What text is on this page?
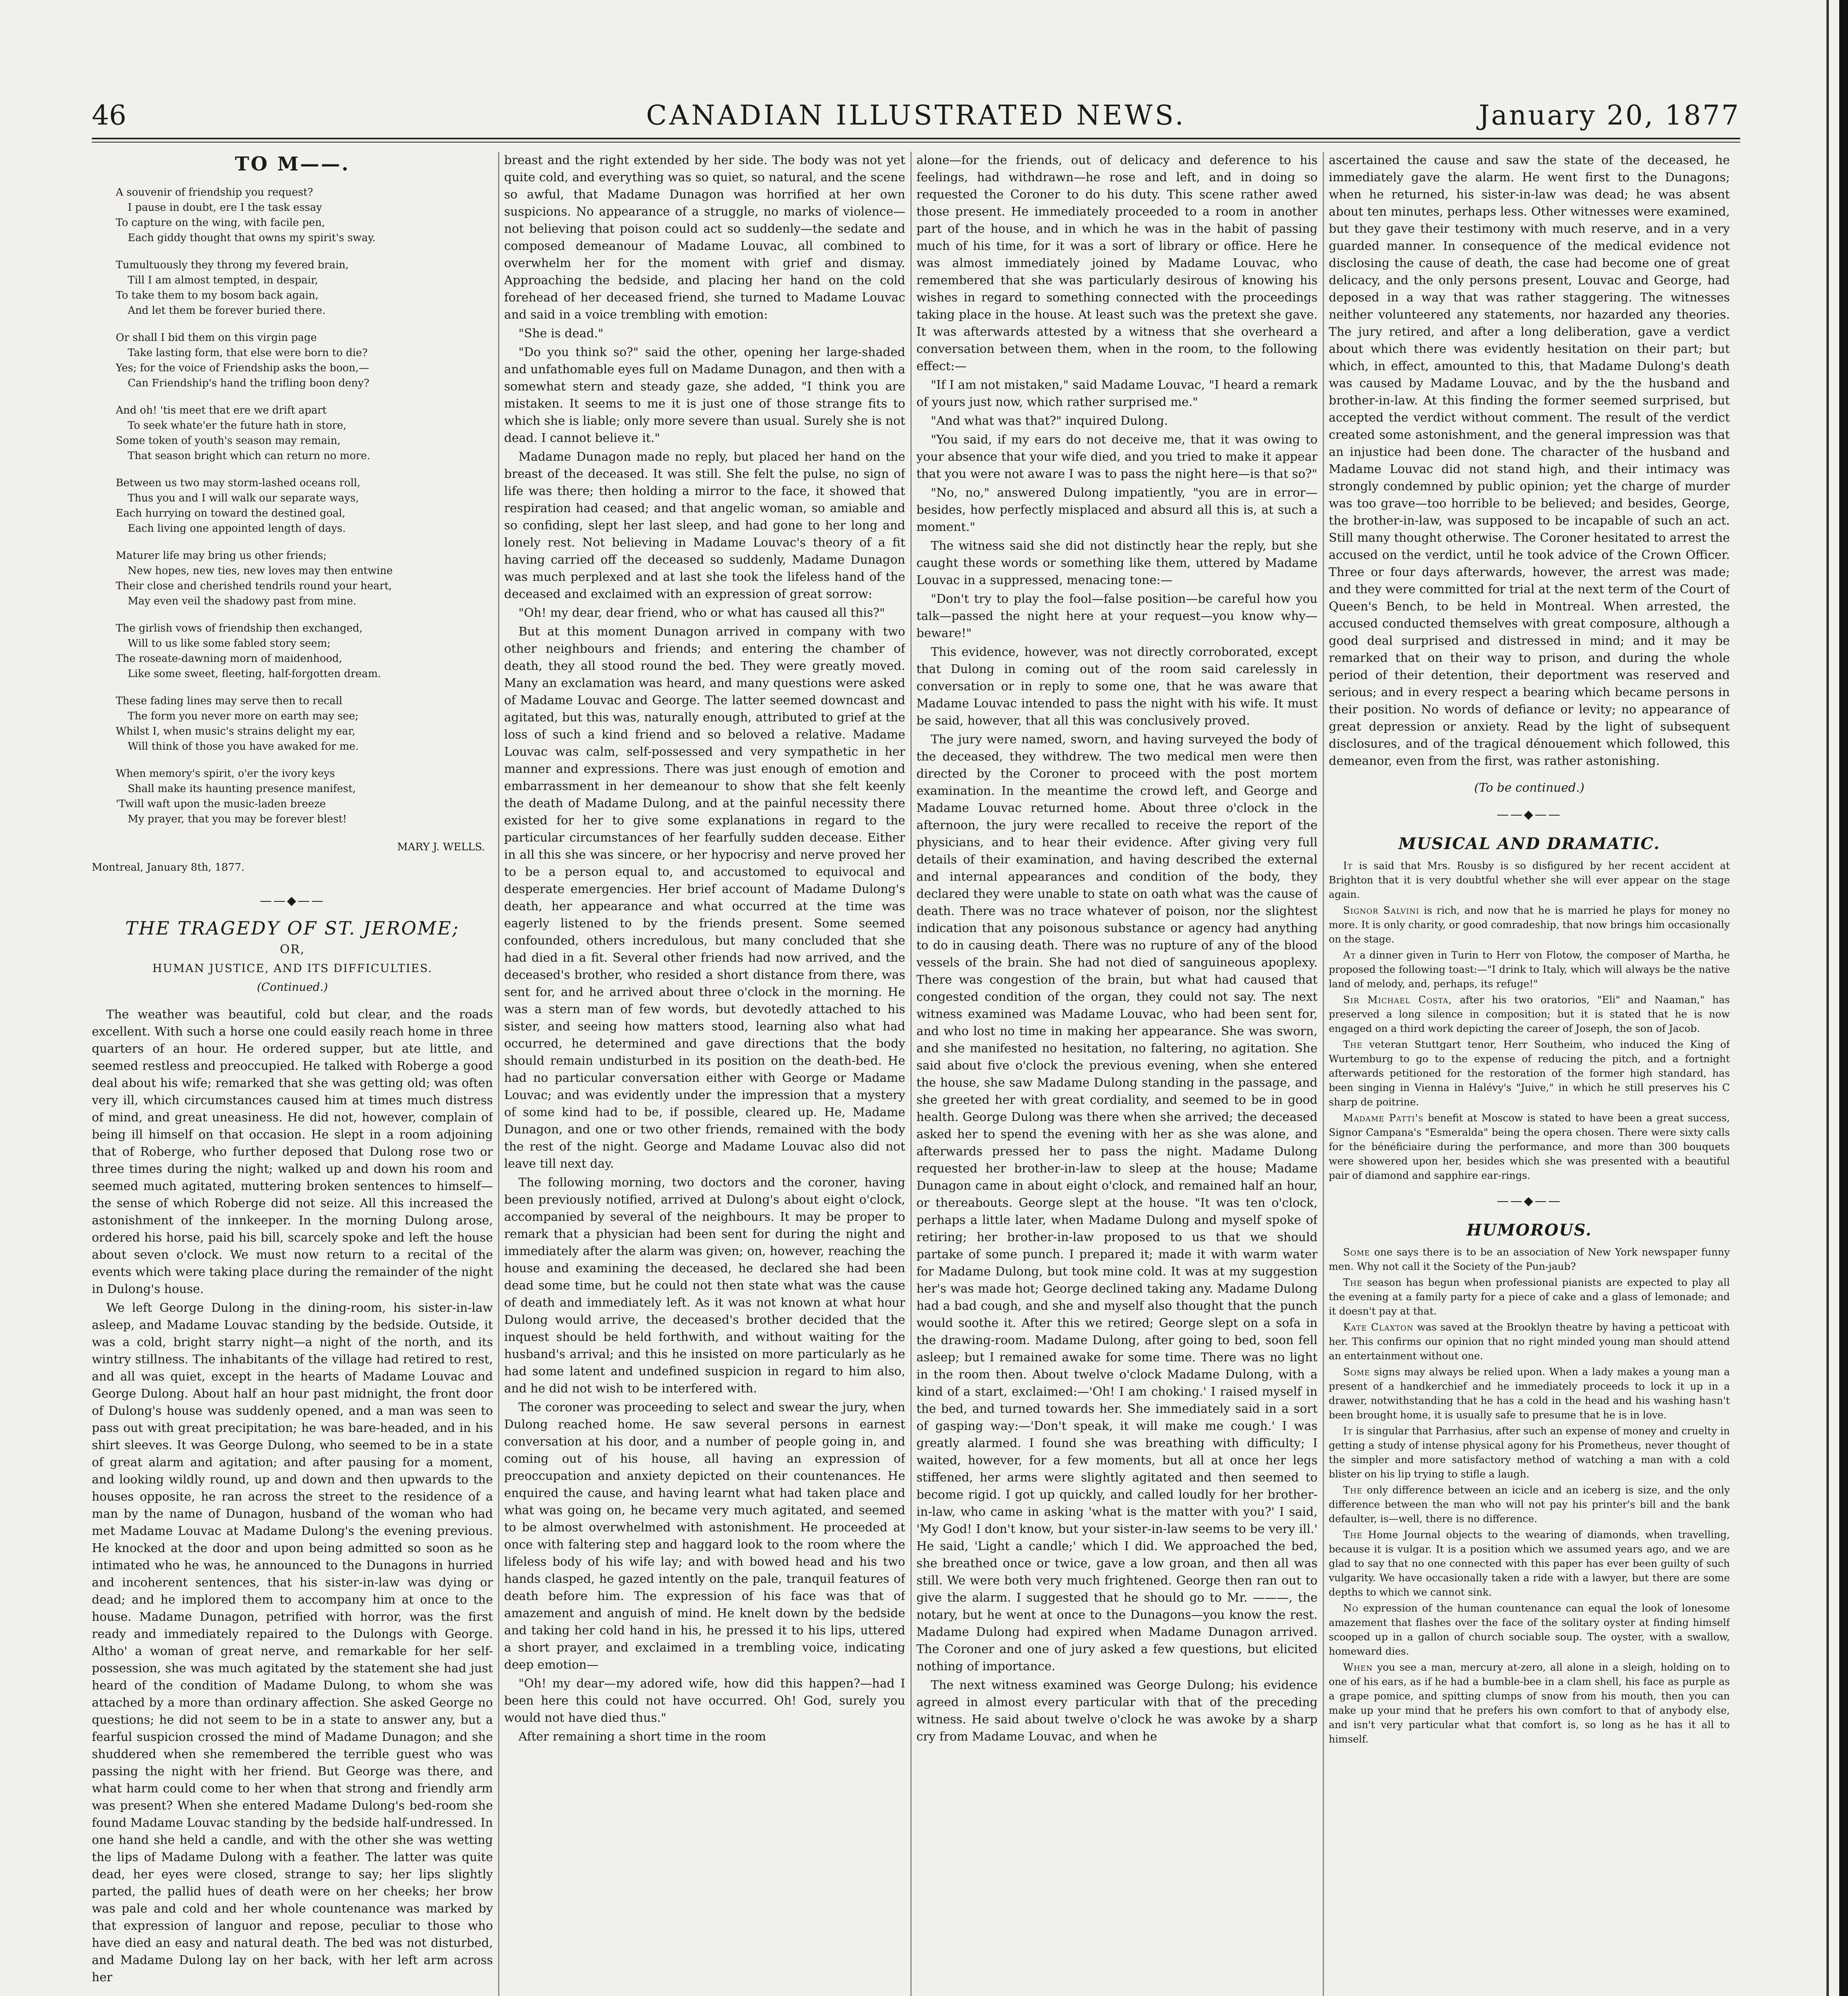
46	CANADIAN ILLUSTRATED NEWS.	January 20, 1877
TO M——.
A souvenir of friendship you request?
I pause in doubt, ere I the task essay
To capture on the wing, with facile pen,
Each giddy thought that owns my spirit's sway.
Tumultuously they throng my fevered brain,
Till I am almost tempted, in despair,
To take them to my bosom back again,
And let them be forever buried there.
Or shall I bid them on this virgin page
Take lasting form, that else were born to die?
Yes; for the voice of Friendship asks the boon,—
Can Friendship's hand the trifling boon deny?
And oh! 'tis meet that ere we drift apart
To seek whate'er the future hath in store,
Some token of youth's season may remain,
That season bright which can return no more.
Between us two may storm-lashed oceans roll,
Thus you and I will walk our separate ways,
Each hurrying on toward the destined goal,
Each living one appointed length of days.
Maturer life may bring us other friends;
New hopes, new ties, new loves may then entwine
Their close and cherished tendrils round your heart,
May even veil the shadowy past from mine.
The girlish vows of friendship then exchanged,
Will to us like some fabled story seem;
The roseate-dawning morn of maidenhood,
Like some sweet, fleeting, half-forgotten dream.
These fading lines may serve then to recall
The form you never more on earth may see;
Whilst I, when music's strains delight my ear,
Will think of those you have awaked for me.
When memory's spirit, o'er the ivory keys
Shall make its haunting presence manifest,
'Twill waft upon the music-laden breeze
My prayer, that you may be forever blest!
MARY J. WELLS.
Montreal, January 8th, 1877.
——◆——
THE TRAGEDY OF ST. JEROME;
OR,
HUMAN JUSTICE, AND ITS DIFFICULTIES.
(Continued.)

The weather was beautiful, cold but clear, and the roads excellent. With such a horse one could easily reach home in three quarters of an hour. He ordered supper, but ate little, and seemed restless and preoccupied. He talked with Roberge a good deal about his wife; remarked that she was getting old; was often very ill, which circumstances caused him at times much distress of mind, and great uneasiness. He did not, however, complain of being ill himself on that occasion. He slept in a room adjoining that of Roberge, who further deposed that Dulong rose two or three times during the night; walked up and down his room and seemed much agitated, muttering broken sentences to himself—the sense of which Roberge did not seize. All this increased the astonishment of the innkeeper. In the morning Dulong arose, ordered his horse, paid his bill, scarcely spoke and left the house about seven o'clock. We must now return to a recital of the events which were taking place during the remainder of the night in Dulong's house.

We left George Dulong in the dining-room, his sister-in-law asleep, and Madame Louvac standing by the bedside. Outside, it was a cold, bright starry night—a night of the north, and its wintry stillness. The inhabitants of the village had retired to rest, and all was quiet, except in the hearts of Madame Louvac and George Dulong. About half an hour past midnight, the front door of Dulong's house was suddenly opened, and a man was seen to pass out with great precipitation; he was bare-headed, and in his shirt sleeves. It was George Dulong, who seemed to be in a state of great alarm and agitation; and after pausing for a moment, and looking wildly round, up and down and then upwards to the houses opposite, he ran across the street to the residence of a man by the name of Dunagon, husband of the woman who had met Madame Louvac at Madame Dulong's the evening previous. He knocked at the door and upon being admitted so soon as he intimated who he was, he announced to the Dunagons in hurried and incoherent sentences, that his sister-in-law was dying or dead; and he implored them to accompany him at once to the house. Madame Dunagon, petrified with horror, was the first ready and immediately repaired to the Dulongs with George. Altho' a woman of great nerve, and remarkable for her self-possession, she was much agitated by the statement she had just heard of the condition of Madame Dulong, to whom she was attached by a more than ordinary affection. She asked George no questions; he did not seem to be in a state to answer any, but a fearful suspicion crossed the mind of Madame Dunagon; and she shuddered when she remembered the terrible guest who was passing the night with her friend. But George was there, and what harm could come to her when that strong and friendly arm was present? When she entered Madame Dulong's bed-room she found Madame Louvac standing by the bedside half-undressed. In one hand she held a candle, and with the other she was wetting the lips of Madame Dulong with a feather. The latter was quite dead, her eyes were closed, strange to say; her lips slightly parted, the pallid hues of death were on her cheeks; her brow was pale and cold and her whole countenance was marked by that expression of languor and repose, peculiar to those who have died an easy and natural death. The bed was not disturbed, and Madame Dulong lay on her back, with her left arm across her

breast and the right extended by her side. The body was not yet quite cold, and everything was so quiet, so natural, and the scene so awful, that Madame Dunagon was horrified at her own suspicions. No appearance of a struggle, no marks of violence—not believing that poison could act so suddenly—the sedate and composed demeanour of Madame Louvac, all combined to overwhelm her for the moment with grief and dismay. Approaching the bedside, and placing her hand on the cold forehead of her deceased friend, she turned to Madame Louvac and said in a voice trembling with emotion:

"She is dead."

"Do you think so?" said the other, opening her large-shaded and unfathomable eyes full on Madame Dunagon, and then with a somewhat stern and steady gaze, she added, "I think you are mistaken. It seems to me it is just one of those strange fits to which she is liable; only more severe than usual. Surely she is not dead. I cannot believe it."

Madame Dunagon made no reply, but placed her hand on the breast of the deceased. It was still. She felt the pulse, no sign of life was there; then holding a mirror to the face, it showed that respiration had ceased; and that angelic woman, so amiable and so confiding, slept her last sleep, and had gone to her long and lonely rest. Not believing in Madame Louvac's theory of a fit having carried off the deceased so suddenly, Madame Dunagon was much perplexed and at last she took the lifeless hand of the deceased and exclaimed with an expression of great sorrow:

"Oh! my dear, dear friend, who or what has caused all this?"

But at this moment Dunagon arrived in company with two other neighbours and friends; and entering the chamber of death, they all stood round the bed. They were greatly moved. Many an exclamation was heard, and many questions were asked of Madame Louvac and George. The latter seemed downcast and agitated, but this was, naturally enough, attributed to grief at the loss of such a kind friend and so beloved a relative. Madame Louvac was calm, self-possessed and very sympathetic in her manner and expressions. There was just enough of emotion and embarrassment in her demeanour to show that she felt keenly the death of Madame Dulong, and at the painful necessity there existed for her to give some explanations in regard to the particular circumstances of her fearfully sudden decease. Either in all this she was sincere, or her hypocrisy and nerve proved her to be a person equal to, and accustomed to equivocal and desperate emergencies. Her brief account of Madame Dulong's death, her appearance and what occurred at the time was eagerly listened to by the friends present. Some seemed confounded, others incredulous, but many concluded that she had died in a fit. Several other friends had now arrived, and the deceased's brother, who resided a short distance from there, was sent for, and he arrived about three o'clock in the morning. He was a stern man of few words, but devotedly attached to his sister, and seeing how matters stood, learning also what had occurred, he determined and gave directions that the body should remain undisturbed in its position on the death-bed. He had no particular conversation either with George or Madame Louvac; and was evidently under the impression that a mystery of some kind had to be, if possible, cleared up. He, Madame Dunagon, and one or two other friends, remained with the body the rest of the night. George and Madame Louvac also did not leave till next day.

The following morning, two doctors and the coroner, having been previously notified, arrived at Dulong's about eight o'clock, accompanied by several of the neighbours. It may be proper to remark that a physician had been sent for during the night and immediately after the alarm was given; on, however, reaching the house and examining the deceased, he declared she had been dead some time, but he could not then state what was the cause of death and immediately left. As it was not known at what hour Dulong would arrive, the deceased's brother decided that the inquest should be held forthwith, and without waiting for the husband's arrival; and this he insisted on more particularly as he had some latent and undefined suspicion in regard to him also, and he did not wish to be interfered with.

The coroner was proceeding to select and swear the jury, when Dulong reached home. He saw several persons in earnest conversation at his door, and a number of people going in, and coming out of his house, all having an expression of preoccupation and anxiety depicted on their countenances. He enquired the cause, and having learnt what had taken place and what was going on, he became very much agitated, and seemed to be almost overwhelmed with astonishment. He proceeded at once with faltering step and haggard look to the room where the lifeless body of his wife lay; and with bowed head and his two hands clasped, he gazed intently on the pale, tranquil features of death before him. The expression of his face was that of amazement and anguish of mind. He knelt down by the bedside and taking her cold hand in his, he pressed it to his lips, uttered a short prayer, and exclaimed in a trembling voice, indicating deep emotion—

"Oh! my dear—my adored wife, how did this happen?—had I been here this could not have occurred. Oh! God, surely you would not have died thus."

After remaining a short time in the room

alone—for the friends, out of delicacy and deference to his feelings, had withdrawn—he rose and left, and in doing so requested the Coroner to do his duty. This scene rather awed those present. He immediately proceeded to a room in another part of the house, and in which he was in the habit of passing much of his time, for it was a sort of library or office. Here he was almost immediately joined by Madame Louvac, who remembered that she was particularly desirous of knowing his wishes in regard to something connected with the proceedings taking place in the house. At least such was the pretext she gave. It was afterwards attested by a witness that she overheard a conversation between them, when in the room, to the following effect:—

"If I am not mistaken," said Madame Louvac, "I heard a remark of yours just now, which rather surprised me."

"And what was that?" inquired Dulong.

"You said, if my ears do not deceive me, that it was owing to your absence that your wife died, and you tried to make it appear that you were not aware I was to pass the night here—is that so?"

"No, no," answered Dulong impatiently, "you are in error—besides, how perfectly misplaced and absurd all this is, at such a moment."

The witness said she did not distinctly hear the reply, but she caught these words or something like them, uttered by Madame Louvac in a suppressed, menacing tone:—

"Don't try to play the fool—false position—be careful how you talk—passed the night here at your request—you know why—beware!"

This evidence, however, was not directly corroborated, except that Dulong in coming out of the room said carelessly in conversation or in reply to some one, that he was aware that Madame Louvac intended to pass the night with his wife. It must be said, however, that all this was conclusively proved.

The jury were named, sworn, and having surveyed the body of the deceased, they withdrew. The two medical men were then directed by the Coroner to proceed with the post mortem examination. In the meantime the crowd left, and George and Madame Louvac returned home. About three o'clock in the afternoon, the jury were recalled to receive the report of the physicians, and to hear their evidence. After giving very full details of their examination, and having described the external and internal appearances and condition of the body, they declared they were unable to state on oath what was the cause of death. There was no trace whatever of poison, nor the slightest indication that any poisonous substance or agency had anything to do in causing death. There was no rupture of any of the blood vessels of the brain. She had not died of sanguineous apoplexy. There was congestion of the brain, but what had caused that congested condition of the organ, they could not say. The next witness examined was Madame Louvac, who had been sent for, and who lost no time in making her appearance. She was sworn, and she manifested no hesitation, no faltering, no agitation. She said about five o'clock the previous evening, when she entered the house, she saw Madame Dulong standing in the passage, and she greeted her with great cordiality, and seemed to be in good health. George Dulong was there when she arrived; the deceased asked her to spend the evening with her as she was alone, and afterwards pressed her to pass the night. Madame Dulong requested her brother-in-law to sleep at the house; Madame Dunagon came in about eight o'clock, and remained half an hour, or thereabouts. George slept at the house. "It was ten o'clock, perhaps a little later, when Madame Dulong and myself spoke of retiring; her brother-in-law proposed to us that we should partake of some punch. I prepared it; made it with warm water for Madame Dulong, but took mine cold. It was at my suggestion her's was made hot; George declined taking any. Madame Dulong had a bad cough, and she and myself also thought that the punch would soothe it. After this we retired; George slept on a sofa in the drawing-room. Madame Dulong, after going to bed, soon fell asleep; but I remained awake for some time. There was no light in the room then. About twelve o'clock Madame Dulong, with a kind of a start, exclaimed:—'Oh! I am choking.' I raised myself in the bed, and turned towards her. She immediately said in a sort of gasping way:—'Don't speak, it will make me cough.' I was greatly alarmed. I found she was breathing with difficulty; I waited, however, for a few moments, but all at once her legs stiffened, her arms were slightly agitated and then seemed to become rigid. I got up quickly, and called loudly for her brother-in-law, who came in asking 'what is the matter with you?' I said, 'My God! I don't know, but your sister-in-law seems to be very ill.' He said, 'Light a candle;' which I did. We approached the bed, she breathed once or twice, gave a low groan, and then all was still. We were both very much frightened. George then ran out to give the alarm. I suggested that he should go to Mr. ———, the notary, but he went at once to the Dunagons—you know the rest. Madame Dulong had expired when Madame Dunagon arrived. The Coroner and one of jury asked a few questions, but elicited nothing of importance.

The next witness examined was George Dulong; his evidence agreed in almost every particular with that of the preceding witness. He said about twelve o'clock he was awoke by a sharp cry from Madame Louvac, and when he

ascertained the cause and saw the state of the deceased, he immediately gave the alarm. He went first to the Dunagons; when he returned, his sister-in-law was dead; he was absent about ten minutes, perhaps less. Other witnesses were examined, but they gave their testimony with much reserve, and in a very guarded manner. In consequence of the medical evidence not disclosing the cause of death, the case had become one of great delicacy, and the only persons present, Louvac and George, had deposed in a way that was rather staggering. The witnesses neither volunteered any statements, nor hazarded any theories. The jury retired, and after a long deliberation, gave a verdict about which there was evidently hesitation on their part; but which, in effect, amounted to this, that Madame Dulong's death was caused by Madame Louvac, and by the the husband and brother-in-law. At this finding the former seemed surprised, but accepted the verdict without comment. The result of the verdict created some astonishment, and the general impression was that an injustice had been done. The character of the husband and Madame Louvac did not stand high, and their intimacy was strongly condemned by public opinion; yet the charge of murder was too grave—too horrible to be believed; and besides, George, the brother-in-law, was supposed to be incapable of such an act. Still many thought otherwise. The Coroner hesitated to arrest the accused on the verdict, until he took advice of the Crown Officer. Three or four days afterwards, however, the arrest was made; and they were committed for trial at the next term of the Court of Queen's Bench, to be held in Montreal. When arrested, the accused conducted themselves with great composure, although a good deal surprised and distressed in mind; and it may be remarked that on their way to prison, and during the whole period of their detention, their deportment was reserved and serious; and in every respect a bearing which became persons in their position. No words of defiance or levity; no appearance of great depression or anxiety. Read by the light of subsequent disclosures, and of the tragical dénouement which followed, this demeanor, even from the first, was rather astonishing.

(To be continued.)
——◆——
MUSICAL AND DRAMATIC.

It is said that Mrs. Rousby is so disfigured by her recent accident at Brighton that it is very doubtful whether she will ever appear on the stage again.

Signor Salvini is rich, and now that he is married he plays for money no more. It is only charity, or good comradeship, that now brings him occasionally on the stage.

At a dinner given in Turin to Herr von Flotow, the composer of Martha, he proposed the following toast:—"I drink to Italy, which will always be the native land of melody, and, perhaps, its refuge!"

Sir Michael Costa, after his two oratorios, "Eli" and Naaman," has preserved a long silence in composition; but it is stated that he is now engaged on a third work depicting the career of Joseph, the son of Jacob.

The veteran Stuttgart tenor, Herr Southeim, who induced the King of Wurtemburg to go to the expense of reducing the pitch, and a fortnight afterwards petitioned for the restoration of the former high standard, has been singing in Vienna in Halévy's "Juive," in which he still preserves his C sharp de poitrine.

Madame Patti's benefit at Moscow is stated to have been a great success, Signor Campana's "Esmeralda" being the opera chosen. There were sixty calls for the bénéficiaire during the performance, and more than 300 bouquets were showered upon her, besides which she was presented with a beautiful pair of diamond and sapphire ear-rings.

——◆——
HUMOROUS.

Some one says there is to be an association of New York newspaper funny men. Why not call it the Society of the Pun-jaub?

The season has begun when professional pianists are expected to play all the evening at a family party for a piece of cake and a glass of lemonade; and it doesn't pay at that.

Kate Claxton was saved at the Brooklyn theatre by having a petticoat with her. This confirms our opinion that no right minded young man should attend an entertainment without one.

Some signs may always be relied upon. When a lady makes a young man a present of a handkerchief and he immediately proceeds to lock it up in a drawer, notwithstanding that he has a cold in the head and his washing hasn't been brought home, it is usually safe to presume that he is in love.

It is singular that Parrhasius, after such an expense of money and cruelty in getting a study of intense physical agony for his Prometheus, never thought of the simpler and more satisfactory method of watching a man with a cold blister on his lip trying to stifle a laugh.

The only difference between an icicle and an iceberg is size, and the only difference between the man who will not pay his printer's bill and the bank defaulter, is—well, there is no difference.

The Home Journal objects to the wearing of diamonds, when travelling, because it is vulgar. It is a position which we assumed years ago, and we are glad to say that no one connected with this paper has ever been guilty of such vulgarity. We have occasionally taken a ride with a lawyer, but there are some depths to which we cannot sink.

No expression of the human countenance can equal the look of lonesome amazement that flashes over the face of the solitary oyster at finding himself scooped up in a gallon of church sociable soup. The oyster, with a swallow, homeward dies.

When you see a man, mercury at-zero, all alone in a sleigh, holding on to one of his ears, as if he had a bumble-bee in a clam shell, his face as purple as a grape pomice, and spitting clumps of snow from his mouth, then you can make up your mind that he prefers his own comfort to that of anybody else, and isn't very particular what that comfort is, so long as he has it all to himself.
